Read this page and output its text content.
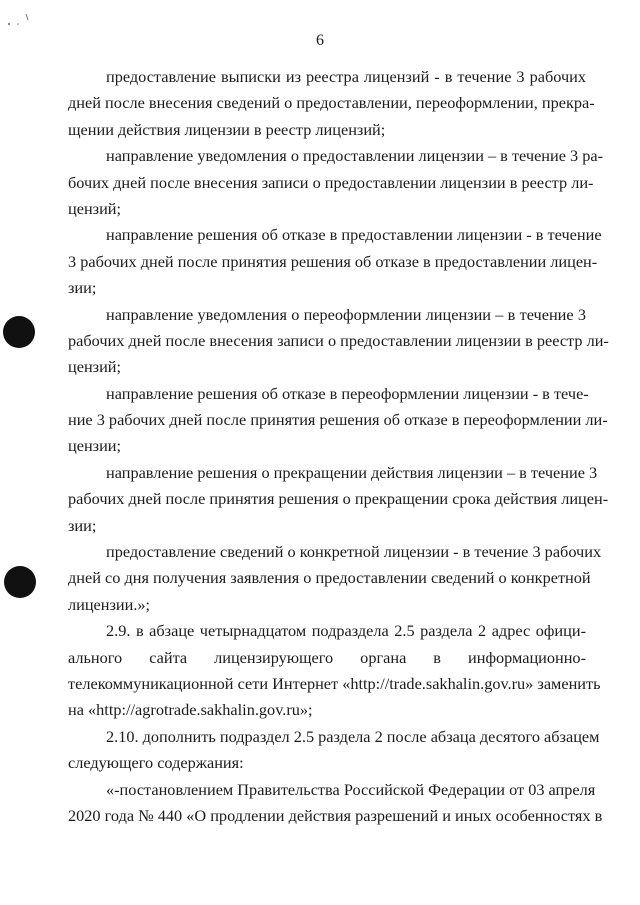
6
предоставление выписки из реестра лицензий - в течение 3 рабочих
дней после внесения сведений о предоставлении, переоформлении, прекра-
щении действия лицензии в реестр лицензий;
направление уведомления о предоставлении лицензии – в течение 3 ра-
бочих дней после внесения записи о предоставлении лицензии в реестр ли-
цензий;
направление решения об отказе в предоставлении лицензии - в течение
3 рабочих дней после принятия решения об отказе в предоставлении лицен-
зии;
направление уведомления о переоформлении лицензии – в течение 3
рабочих дней после внесения записи о предоставлении лицензии в реестр ли-
цензий;
направление решения об отказе в переоформлении лицензии - в тече-
ние 3 рабочих дней после принятия решения об отказе в переоформлении ли-
цензии;
направление решения о прекращении действия лицензии – в течение 3
рабочих дней после принятия решения о прекращении срока действия лицен-
зии;
предоставление сведений о конкретной лицензии - в течение 3 рабочих
дней со дня получения заявления о предоставлении сведений о конкретной
лицензии.»;
2.9. в абзаце четырнадцатом подраздела 2.5 раздела 2 адрес офици-
ального сайта лицензирующего органа в информационно-
телекоммуникационной сети Интернет «http://trade.sakhalin.gov.ru» заменить
на «http://agrotrade.sakhalin.gov.ru»;
2.10. дополнить подраздел 2.5 раздела 2 после абзаца десятого абзацем
следующего содержания:
«-постановлением Правительства Российской Федерации от 03 апреля
2020 года № 440 «О продлении действия разрешений и иных особенностях в
